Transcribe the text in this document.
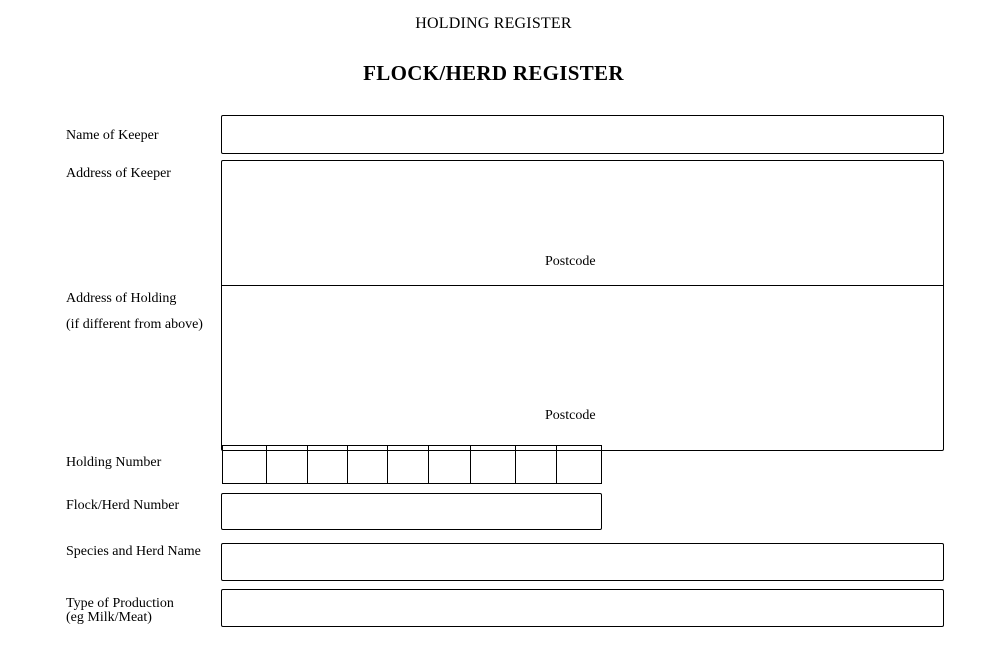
HOLDING REGISTER
FLOCK/HERD REGISTER
Name of Keeper
Address of Keeper
Postcode
Address of Holding
(if different from above)
Postcode
Holding Number
Flock/Herd Number
Species and Herd Name
Type of Production
(eg Milk/Meat)
